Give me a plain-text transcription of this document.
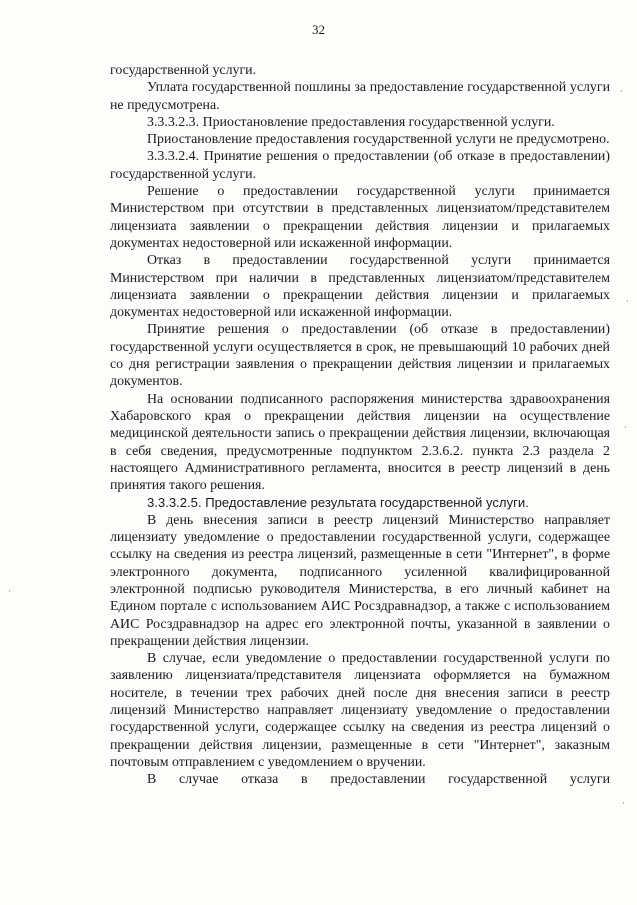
32

государственной услуги.

Уплата государственной пошлины за предоставление государственной услуги не предусмотрена.

3.3.3.2.3. Приостановление предоставления государственной услуги.

Приостановление предоставления государственной услуги не предусмотрено.

3.3.3.2.4. Принятие решения о предоставлении (об отказе в предоставлении) государственной услуги.

Решение о предоставлении государственной услуги принимается Министерством при отсутствии в представленных лицензиатом/представителем лицензиата заявлении о прекращении действия лицензии и прилагаемых документах недостоверной или искаженной информации.

Отказ в предоставлении государственной услуги принимается Министерством при наличии в представленных лицензиатом/представителем лицензиата заявлении о прекращении действия лицензии и прилагаемых документах недостоверной или искаженной информации.

Принятие решения о предоставлении (об отказе в предоставлении) государственной услуги осуществляется в срок, не превышающий 10 рабочих дней со дня регистрации заявления о прекращении действия лицензии и прилагаемых документов.

На основании подписанного распоряжения министерства здравоохранения Хабаровского края о прекращении действия лицензии на осуществление медицинской деятельности запись о прекращении действия лицензии, включающая в себя сведения, предусмотренные подпунктом 2.3.6.2. пункта 2.3 раздела 2 настоящего Административного регламента, вносится в реестр лицензий в день принятия такого решения.

3.3.3.2.5. Предоставление результата государственной услуги.

В день внесения записи в реестр лицензий Министерство направляет лицензиату уведомление о предоставлении государственной услуги, содержащее ссылку на сведения из реестра лицензий, размещенные в сети "Интернет", в форме электронного документа, подписанного усиленной квалифицированной электронной подписью руководителя Министерства, в его личный кабинет на Едином портале с использованием АИС Росздравнадзор, а также с использованием АИС Росздравнадзор на адрес его электронной почты, указанной в заявлении о прекращении действия лицензии.

В случае, если уведомление о предоставлении государственной услуги по заявлению лицензиата/представителя лицензиата оформляется на бумажном носителе, в течении трех рабочих дней после дня внесения записи в реестр лицензий Министерство направляет лицензиату уведомление о предоставлении государственной услуги, содержащее ссылку на сведения из реестра лицензий о прекращении действия лицензии, размещенные в сети "Интернет", заказным почтовым отправлением с уведомлением о вручении.

В случае отказа в предоставлении государственной услуги

·
·
·
·
·
